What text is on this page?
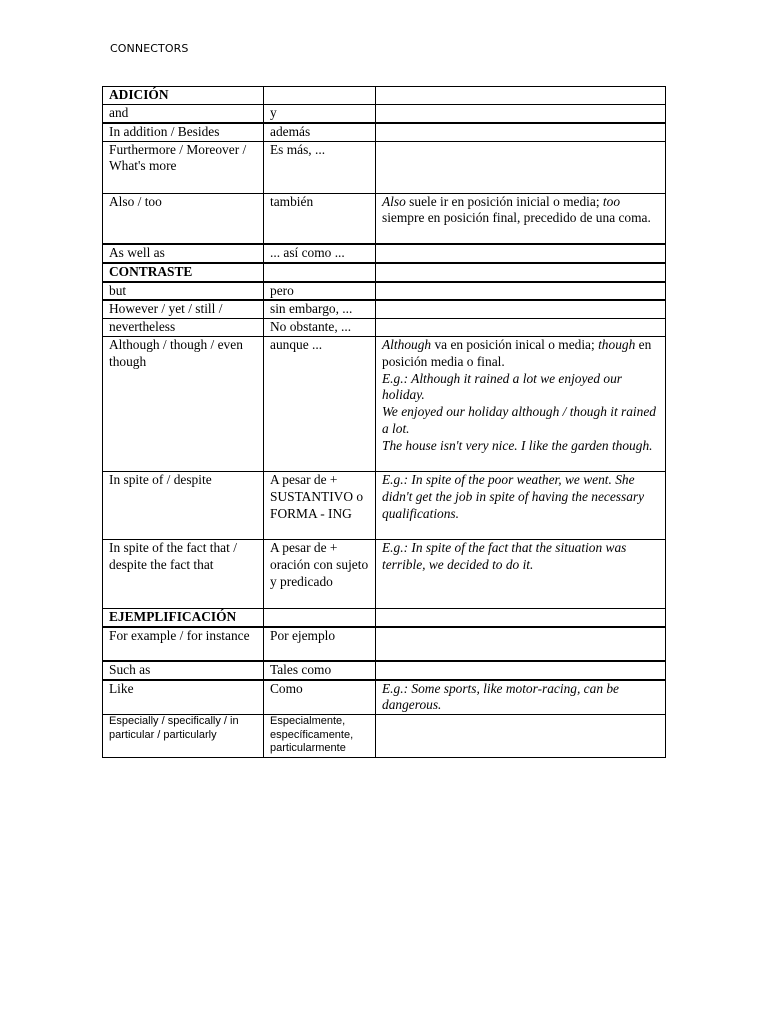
CONNECTORS
ADICIÓN		
and	y	
In addition / Besides	además	
Furthermore / Moreover / What's more	Es más, ...	
Also / too	también	Also suele ir en posición inicial o media; too siempre en posición final, precedido de una coma.
As well as	... así como ...	
CONTRASTE		
but	pero	
However / yet / still /	sin embargo, ...	
nevertheless	No obstante, ...	
Although / though / even though	aunque ...	Although va en posición inical o media; though en posición media o final.
E.g.: Although it rained a lot we enjoyed our holiday.
We enjoyed our holiday although / though it rained a lot.
The house isn't very nice. I like the garden though.
In spite of / despite	A pesar de + SUSTANTIVO o FORMA - ING	E.g.: In spite of the poor weather, we went. She didn't get the job in spite of having the necessary qualifications.
In spite of the fact that / despite the fact that	A pesar de + oración con sujeto y predicado	E.g.: In spite of the fact that the situation was terrible, we decided to do it.
EJEMPLIFICACIÓN		
For example / for instance	Por ejemplo	
Such as	Tales como	
Like	Como	E.g.: Some sports, like motor-racing, can be dangerous.
Especially / specifically / in particular / particularly	Especialmente, específicamente, particularmente	
